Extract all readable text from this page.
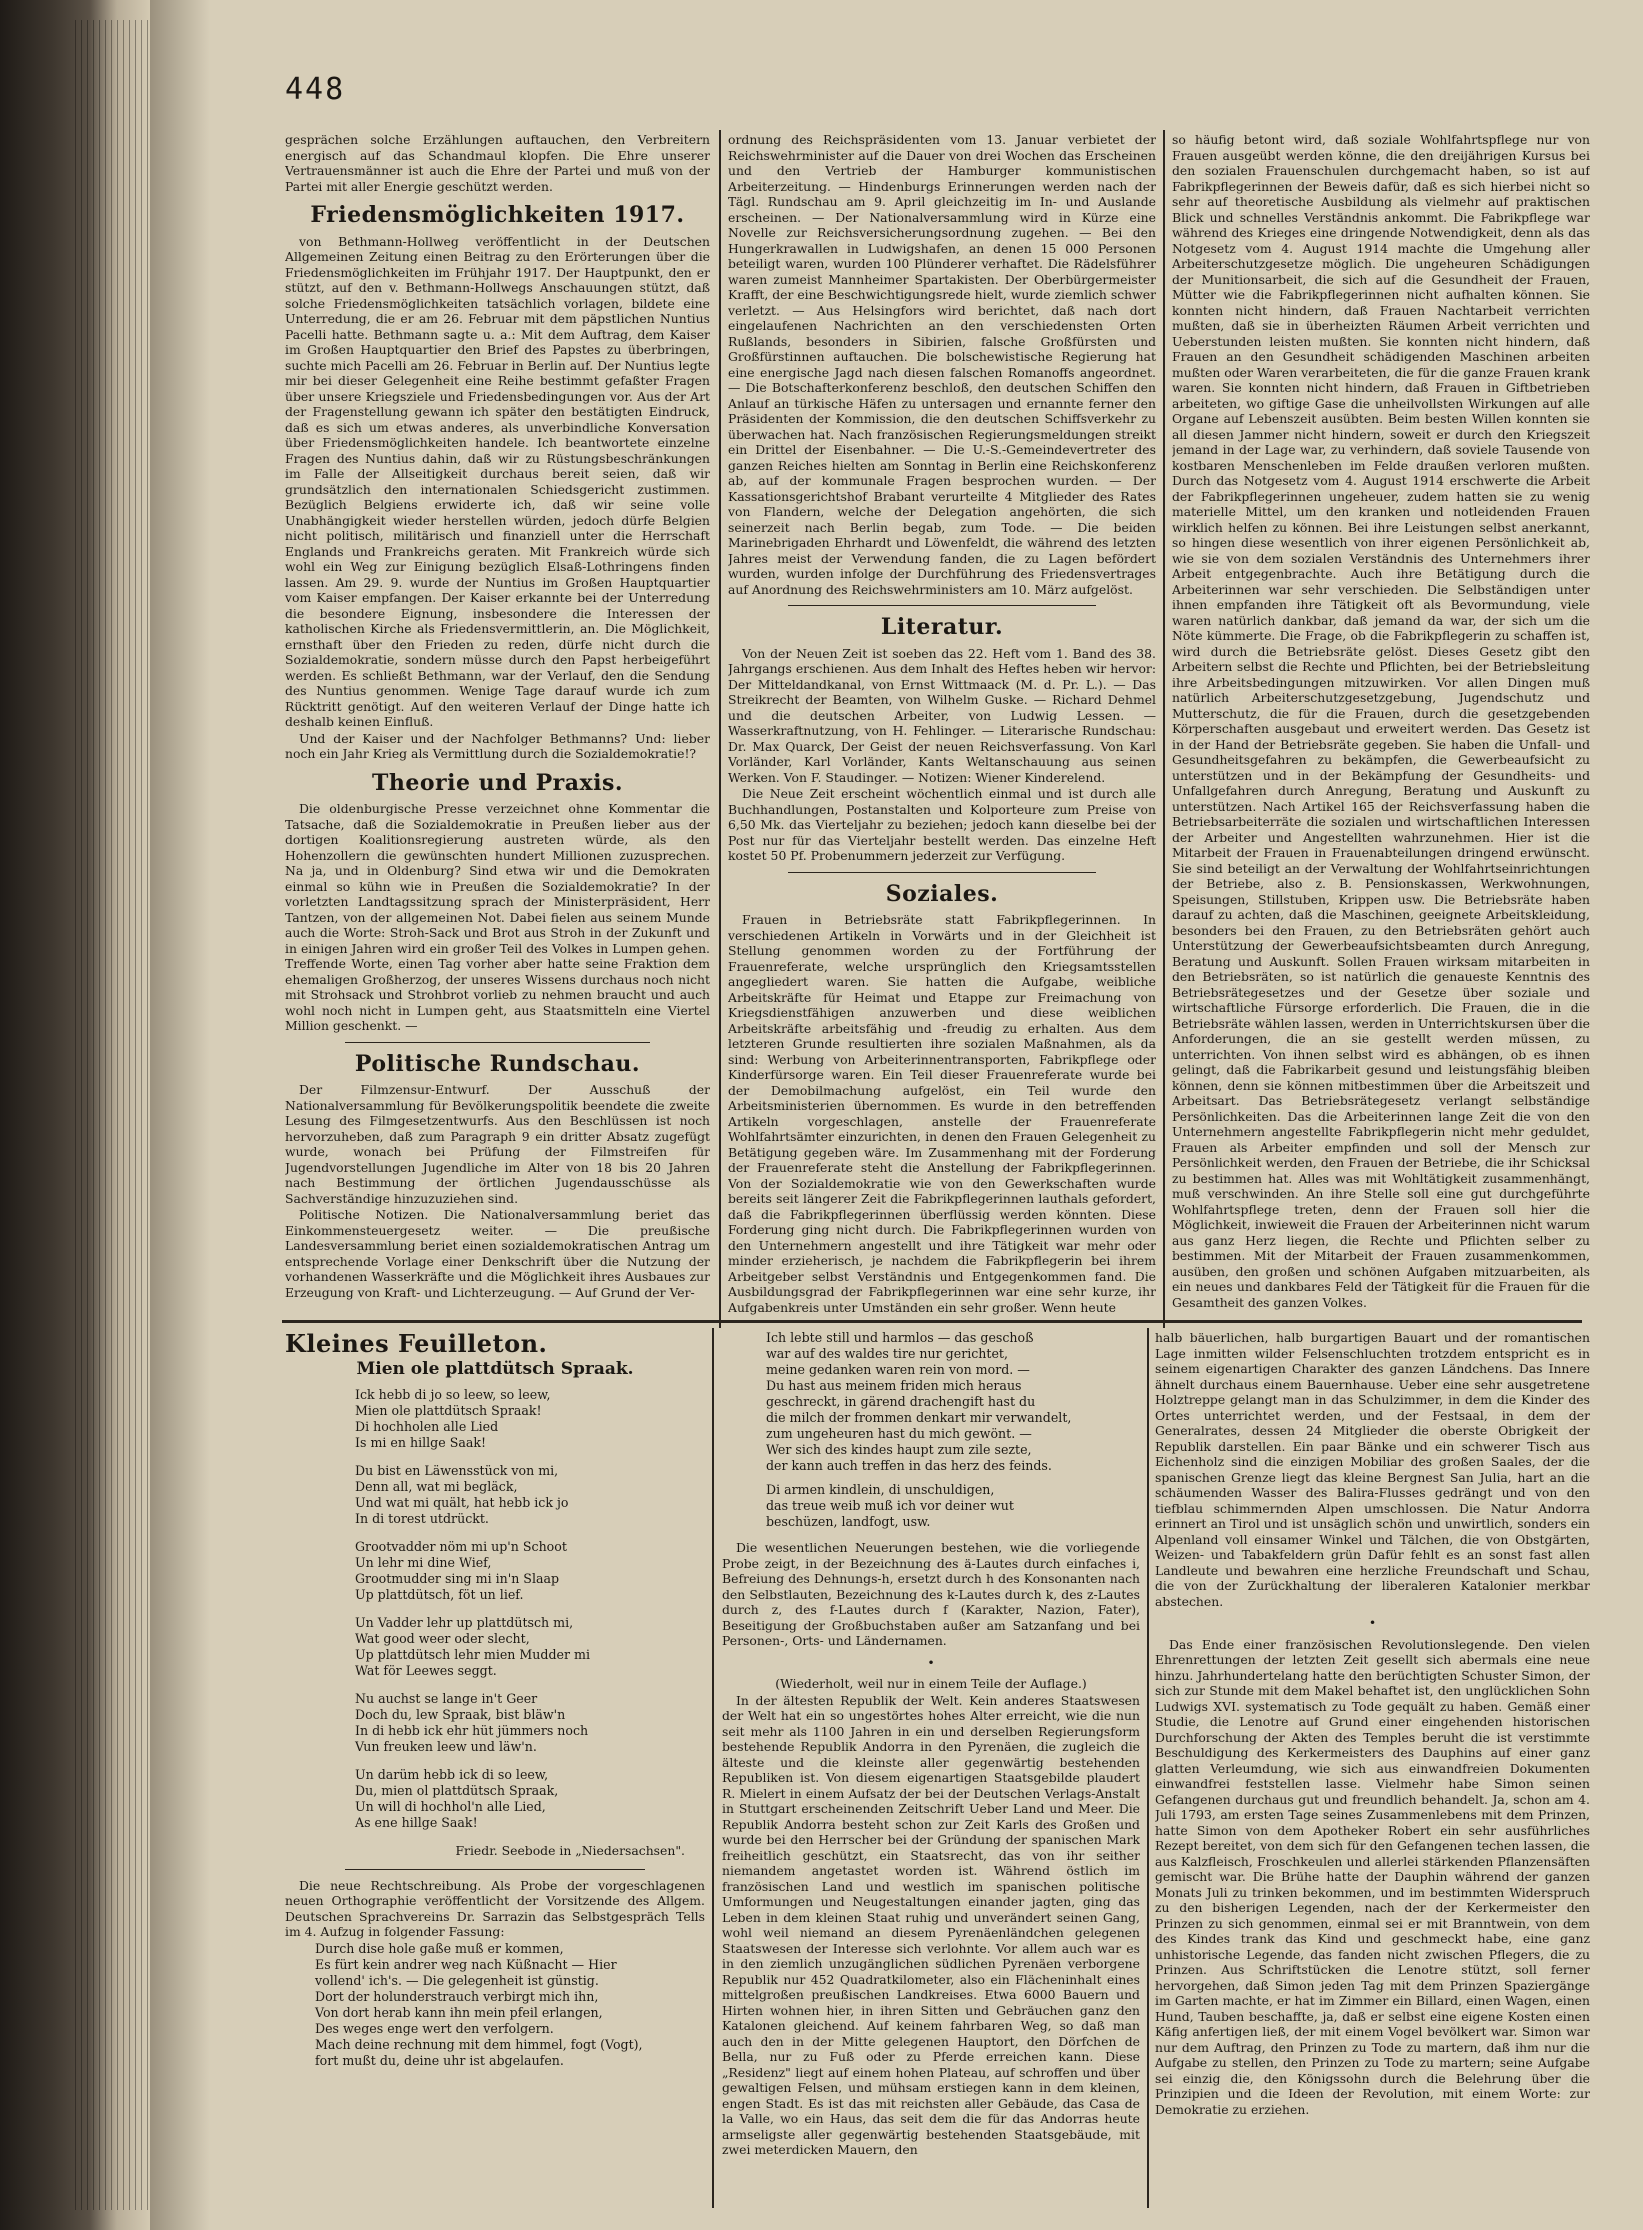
448

gesprächen solche Erzählungen auftauchen, den Verbreitern energisch auf das Schandmaul klopfen. Die Ehre unserer Vertrauensmänner ist auch die Ehre der Partei und muß von der Partei mit aller Energie geschützt werden.

Friedensmöglichkeiten 1917.

von Bethmann-Hollweg veröffentlicht in der Deutschen Allgemeinen Zeitung einen Beitrag zu den Erörterungen über die Friedensmöglichkeiten im Frühjahr 1917. Der Hauptpunkt, den er stützt, auf den v. Bethmann-Hollwegs Anschauungen stützt, daß solche Friedensmöglichkeiten tatsächlich vorlagen, bildete eine Unterredung, die er am 26. Februar mit dem päpstlichen Nuntius Pacelli hatte. Bethmann sagte u. a.: Mit dem Auftrag, dem Kaiser im Großen Hauptquartier den Brief des Papstes zu überbringen, suchte mich Pacelli am 26. Februar in Berlin auf. Der Nuntius legte mir bei dieser Gelegenheit eine Reihe bestimmt gefaßter Fragen über unsere Kriegsziele und Friedensbedingungen vor. Aus der Art der Fragenstellung gewann ich später den bestätigten Eindruck, daß es sich um etwas anderes, als unverbindliche Konversation über Friedensmöglichkeiten handele. Ich beantwortete einzelne Fragen des Nuntius dahin, daß wir zu Rüstungsbeschränkungen im Falle der Allseitigkeit durchaus bereit seien, daß wir grundsätzlich den internationalen Schiedsgericht zustimmen. Bezüglich Belgiens erwiderte ich, daß wir seine volle Unabhängigkeit wieder herstellen würden, jedoch dürfe Belgien nicht politisch, militärisch und finanziell unter die Herrschaft Englands und Frankreichs geraten. Mit Frankreich würde sich wohl ein Weg zur Einigung bezüglich Elsaß-Lothringens finden lassen. Am 29. 9. wurde der Nuntius im Großen Hauptquartier vom Kaiser empfangen. Der Kaiser erkannte bei der Unterredung die besondere Eignung, insbesondere die Interessen der katholischen Kirche als Friedensvermittlerin, an. Die Möglichkeit, ernsthaft über den Frieden zu reden, dürfe nicht durch die Sozialdemokratie, sondern müsse durch den Papst herbeigeführt werden. Es schließt Bethmann, war der Verlauf, den die Sendung des Nuntius genommen. Wenige Tage darauf wurde ich zum Rücktritt genötigt. Auf den weiteren Verlauf der Dinge hatte ich deshalb keinen Einfluß.

Und der Kaiser und der Nachfolger Bethmanns? Und: lieber noch ein Jahr Krieg als Vermittlung durch die Sozialdemokratie!?

Theorie und Praxis.

Die oldenburgische Presse verzeichnet ohne Kommentar die Tatsache, daß die Sozialdemokratie in Preußen lieber aus der dortigen Koalitionsregierung austreten würde, als den Hohenzollern die gewünschten hundert Millionen zuzusprechen. Na ja, und in Oldenburg? Sind etwa wir und die Demokraten einmal so kühn wie in Preußen die Sozialdemokratie? In der vorletzten Landtagssitzung sprach der Ministerpräsident, Herr Tantzen, von der allgemeinen Not. Dabei fielen aus seinem Munde auch die Worte: Stroh-Sack und Brot aus Stroh in der Zukunft und in einigen Jahren wird ein großer Teil des Volkes in Lumpen gehen. Treffende Worte, einen Tag vorher aber hatte seine Fraktion dem ehemaligen Großherzog, der unseres Wissens durchaus noch nicht mit Strohsack und Strohbrot vorlieb zu nehmen braucht und auch wohl noch nicht in Lumpen geht, aus Staatsmitteln eine Viertel Million geschenkt. —

Politische Rundschau.

Der Filmzensur-Entwurf. Der Ausschuß der Nationalversammlung für Bevölkerungspolitik beendete die zweite Lesung des Filmgesetzentwurfs. Aus den Beschlüssen ist noch hervorzuheben, daß zum Paragraph 9 ein dritter Absatz zugefügt wurde, wonach bei Prüfung der Filmstreifen für Jugendvorstellungen Jugendliche im Alter von 18 bis 20 Jahren nach Bestimmung der örtlichen Jugendausschüsse als Sachverständige hinzuzuziehen sind.

Politische Notizen. Die Nationalversammlung beriet das Einkommensteuergesetz weiter. — Die preußische Landesversammlung beriet einen sozialdemokratischen Antrag um entsprechende Vorlage einer Denkschrift über die Nutzung der vorhandenen Wasserkräfte und die Möglichkeit ihres Ausbaues zur Erzeugung von Kraft- und Lichterzeugung. — Auf Grund der Ver-

ordnung des Reichspräsidenten vom 13. Januar verbietet der Reichswehrminister auf die Dauer von drei Wochen das Erscheinen und den Vertrieb der Hamburger kommunistischen Arbeiterzeitung. — Hindenburgs Erinnerungen werden nach der Tägl. Rundschau am 9. April gleichzeitig im In- und Auslande erscheinen. — Der Nationalversammlung wird in Kürze eine Novelle zur Reichsversicherungsordnung zugehen. — Bei den Hungerkrawallen in Ludwigshafen, an denen 15 000 Personen beteiligt waren, wurden 100 Plünderer verhaftet. Die Rädelsführer waren zumeist Mannheimer Spartakisten. Der Oberbürgermeister Krafft, der eine Beschwichtigungsrede hielt, wurde ziemlich schwer verletzt. — Aus Helsingfors wird berichtet, daß nach dort eingelaufenen Nachrichten an den verschiedensten Orten Rußlands, besonders in Sibirien, falsche Großfürsten und Großfürstinnen auftauchen. Die bolschewistische Regierung hat eine energische Jagd nach diesen falschen Romanoffs angeordnet. — Die Botschafterkonferenz beschloß, den deutschen Schiffen den Anlauf an türkische Häfen zu untersagen und ernannte ferner den Präsidenten der Kommission, die den deutschen Schiffsverkehr zu überwachen hat. Nach französischen Regierungsmeldungen streikt ein Drittel der Eisenbahner. — Die U.-S.-Gemeindevertreter des ganzen Reiches hielten am Sonntag in Berlin eine Reichskonferenz ab, auf der kommunale Fragen besprochen wurden. — Der Kassationsgerichtshof Brabant verurteilte 4 Mitglieder des Rates von Flandern, welche der Delegation angehörten, die sich seinerzeit nach Berlin begab, zum Tode. — Die beiden Marinebrigaden Ehrhardt und Löwenfeldt, die während des letzten Jahres meist der Verwendung fanden, die zu Lagen befördert wurden, wurden infolge der Durchführung des Friedensvertrages auf Anordnung des Reichswehrministers am 10. März aufgelöst.

Literatur.

Von der Neuen Zeit ist soeben das 22. Heft vom 1. Band des 38. Jahrgangs erschienen. Aus dem Inhalt des Heftes heben wir hervor: Der Mitteldandkanal, von Ernst Wittmaack (M. d. Pr. L.). — Das Streikrecht der Beamten, von Wilhelm Guske. — Richard Dehmel und die deutschen Arbeiter, von Ludwig Lessen. — Wasserkraftnutzung, von H. Fehlinger. — Literarische Rundschau: Dr. Max Quarck, Der Geist der neuen Reichsverfassung. Von Karl Vorländer, Karl Vorländer, Kants Weltanschauung aus seinen Werken. Von F. Staudinger. — Notizen: Wiener Kinderelend.

Die Neue Zeit erscheint wöchentlich einmal und ist durch alle Buchhandlungen, Postanstalten und Kolporteure zum Preise von 6,50 Mk. das Vierteljahr zu beziehen; jedoch kann dieselbe bei der Post nur für das Vierteljahr bestellt werden. Das einzelne Heft kostet 50 Pf. Probenummern jederzeit zur Verfügung.

Soziales.

Frauen in Betriebsräte statt Fabrikpflegerinnen. In verschiedenen Artikeln in Vorwärts und in der Gleichheit ist Stellung genommen worden zu der Fortführung der Frauenreferate, welche ursprünglich den Kriegsamtsstellen angegliedert waren. Sie hatten die Aufgabe, weibliche Arbeitskräfte für Heimat und Etappe zur Freimachung von Kriegsdienstfähigen anzuwerben und diese weiblichen Arbeitskräfte arbeitsfähig und -freudig zu erhalten. Aus dem letzteren Grunde resultierten ihre sozialen Maßnahmen, als da sind: Werbung von Arbeiterinnentransporten, Fabrikpflege oder Kinderfürsorge waren. Ein Teil dieser Frauenreferate wurde bei der Demobilmachung aufgelöst, ein Teil wurde den Arbeitsministerien übernommen. Es wurde in den betreffenden Artikeln vorgeschlagen, anstelle der Frauenreferate Wohlfahrtsämter einzurichten, in denen den Frauen Gelegenheit zu Betätigung gegeben wäre. Im Zusammenhang mit der Forderung der Frauenreferate steht die Anstellung der Fabrikpflegerinnen. Von der Sozialdemokratie wie von den Gewerkschaften wurde bereits seit längerer Zeit die Fabrikpflegerinnen lauthals gefordert, daß die Fabrikpflegerinnen überflüssig werden könnten. Diese Forderung ging nicht durch. Die Fabrikpflegerinnen wurden von den Unternehmern angestellt und ihre Tätigkeit war mehr oder minder erzieherisch, je nachdem die Fabrikpflegerin bei ihrem Arbeitgeber selbst Verständnis und Entgegenkommen fand. Die Ausbildungsgrad der Fabrikpflegerinnen war eine sehr kurze, ihr Aufgabenkreis unter Umständen ein sehr großer. Wenn heute

so häufig betont wird, daß soziale Wohlfahrtspflege nur von Frauen ausgeübt werden könne, die den dreijährigen Kursus bei den sozialen Frauenschulen durchgemacht haben, so ist auf Fabrikpflegerinnen der Beweis dafür, daß es sich hierbei nicht so sehr auf theoretische Ausbildung als vielmehr auf praktischen Blick und schnelles Verständnis ankommt. Die Fabrikpflege war während des Krieges eine dringende Notwendigkeit, denn als das Notgesetz vom 4. August 1914 machte die Umgehung aller Arbeiterschutzgesetze möglich. Die ungeheuren Schädigungen der Munitionsarbeit, die sich auf die Gesundheit der Frauen, Mütter wie die Fabrikpflegerinnen nicht aufhalten können. Sie konnten nicht hindern, daß Frauen Nachtarbeit verrichten mußten, daß sie in überheizten Räumen Arbeit verrichten und Ueberstunden leisten mußten. Sie konnten nicht hindern, daß Frauen an den Gesundheit schädigenden Maschinen arbeiten mußten oder Waren verarbeiteten, die für die ganze Frauen krank waren. Sie konnten nicht hindern, daß Frauen in Giftbetrieben arbeiteten, wo giftige Gase die unheilvollsten Wirkungen auf alle Organe auf Lebenszeit ausübten. Beim besten Willen konnten sie all diesen Jammer nicht hindern, soweit er durch den Kriegszeit jemand in der Lage war, zu verhindern, daß soviele Tausende von kostbaren Menschenleben im Felde draußen verloren mußten. Durch das Notgesetz vom 4. August 1914 erschwerte die Arbeit der Fabrikpflegerinnen ungeheuer, zudem hatten sie zu wenig materielle Mittel, um den kranken und notleidenden Frauen wirklich helfen zu können. Bei ihre Leistungen selbst anerkannt, so hingen diese wesentlich von ihrer eigenen Persönlichkeit ab, wie sie von dem sozialen Verständnis des Unternehmers ihrer Arbeit entgegenbrachte. Auch ihre Betätigung durch die Arbeiterinnen war sehr verschieden. Die Selbständigen unter ihnen empfanden ihre Tätigkeit oft als Bevormundung, viele waren natürlich dankbar, daß jemand da war, der sich um die Nöte kümmerte. Die Frage, ob die Fabrikpflegerin zu schaffen ist, wird durch die Betriebsräte gelöst. Dieses Gesetz gibt den Arbeitern selbst die Rechte und Pflichten, bei der Betriebsleitung ihre Arbeitsbedingungen mitzuwirken. Vor allen Dingen muß natürlich Arbeiterschutzgesetzgebung, Jugendschutz und Mutterschutz, die für die Frauen, durch die gesetzgebenden Körperschaften ausgebaut und erweitert werden. Das Gesetz ist in der Hand der Betriebsräte gegeben. Sie haben die Unfall- und Gesundheitsgefahren zu bekämpfen, die Gewerbeaufsicht zu unterstützen und in der Bekämpfung der Gesundheits- und Unfallgefahren durch Anregung, Beratung und Auskunft zu unterstützen. Nach Artikel 165 der Reichsverfassung haben die Betriebsarbeiterräte die sozialen und wirtschaftlichen Interessen der Arbeiter und Angestellten wahrzunehmen. Hier ist die Mitarbeit der Frauen in Frauenabteilungen dringend erwünscht. Sie sind beteiligt an der Verwaltung der Wohlfahrtseinrichtungen der Betriebe, also z. B. Pensionskassen, Werkwohnungen, Speisungen, Stillstuben, Krippen usw. Die Betriebsräte haben darauf zu achten, daß die Maschinen, geeignete Arbeitskleidung, besonders bei den Frauen, zu den Betriebsräten gehört auch Unterstützung der Gewerbeaufsichtsbeamten durch Anregung, Beratung und Auskunft. Sollen Frauen wirksam mitarbeiten in den Betriebsräten, so ist natürlich die genaueste Kenntnis des Betriebsrätegesetzes und der Gesetze über soziale und wirtschaftliche Fürsorge erforderlich. Die Frauen, die in die Betriebsräte wählen lassen, werden in Unterrichtskursen über die Anforderungen, die an sie gestellt werden müssen, zu unterrichten. Von ihnen selbst wird es abhängen, ob es ihnen gelingt, daß die Fabrikarbeit gesund und leistungsfähig bleiben können, denn sie können mitbestimmen über die Arbeitszeit und Arbeitsart. Das Betriebsrätegesetz verlangt selbständige Persönlichkeiten. Das die Arbeiterinnen lange Zeit die von den Unternehmern angestellte Fabrikpflegerin nicht mehr geduldet, Frauen als Arbeiter empfinden und soll der Mensch zur Persönlichkeit werden, den Frauen der Betriebe, die ihr Schicksal zu bestimmen hat. Alles was mit Wohltätigkeit zusammenhängt, muß verschwinden. An ihre Stelle soll eine gut durchgeführte Wohlfahrtspflege treten, denn der Frauen soll hier die Möglichkeit, inwieweit die Frauen der Arbeiterinnen nicht warum aus ganz Herz liegen, die Rechte und Pflichten selber zu bestimmen. Mit der Mitarbeit der Frauen zusammenkommen, ausüben, den großen und schönen Aufgaben mitzuarbeiten, als ein neues und dankbares Feld der Tätigkeit für die Frauen für die Gesamtheit des ganzen Volkes.

Kleines Feuilleton.
Mien ole plattdütsch Spraak.
Ick hebb di jo so leew, so leew,
Mien ole plattdütsch Spraak!
Di hochholen alle Lied
Is mi en hillge Saak!
Du bist en Läwensstück von mi,
Denn all, wat mi begläck,
Und wat mi quält, hat hebb ick jo
In di torest utdrückt.
Grootvadder nöm mi up'n Schoot
Un lehr mi dine Wief,
Grootmudder sing mi in'n Slaap
Up plattdütsch, föt un lief.
Un Vadder lehr up plattdütsch mi,
Wat good weer oder slecht,
Up plattdütsch lehr mien Mudder mi
Wat för Leewes seggt.
Nu auchst se lange in't Geer
Doch du, lew Spraak, bist bläw'n
In di hebb ick ehr hüt jümmers noch
Vun freuken leew und läw'n.
Un darüm hebb ick di so leew,
Du, mien ol plattdütsch Spraak,
Un will di hochhol'n alle Lied,
As ene hillge Saak!
Friedr. Seebode in „Niedersachsen".

Die neue Rechtschreibung. Als Probe der vorgeschlagenen neuen Orthographie veröffentlicht der Vorsitzende des Allgem. Deutschen Sprachvereins Dr. Sarrazin das Selbstgespräch Tells im 4. Aufzug in folgender Fassung:

Durch dise hole gaße muß er kommen,
Es fürt kein andrer weg nach Küßnacht — Hier
vollend' ich's. — Die gelegenheit ist günstig.
Dort der holunderstrauch verbirgt mich ihn,
Von dort herab kann ihn mein pfeil erlangen,
Des weges enge wert den verfolgern.
Mach deine rechnung mit dem himmel, fogt (Vogt),
fort mußt du, deine uhr ist abgelaufen.
Ich lebte still und harmlos — das geschoß
war auf des waldes tire nur gerichtet,
meine gedanken waren rein von mord. —
Du hast aus meinem friden mich heraus
geschreckt, in gärend drachengift hast du
die milch der frommen denkart mir verwandelt,
zum ungeheuren hast du mich gewönt. —
Wer sich des kindes haupt zum zile sezte,
der kann auch treffen in das herz des feinds.
Di armen kindlein, di unschuldigen,
das treue weib muß ich vor deiner wut
beschüzen, landfogt, usw.

Die wesentlichen Neuerungen bestehen, wie die vorliegende Probe zeigt, in der Bezeichnung des ä-Lautes durch einfaches i, Befreiung des Dehnungs-h, ersetzt durch h des Konsonanten nach den Selbstlauten, Bezeichnung des k-Lautes durch k, des z-Lautes durch z, des f-Lautes durch f (Karakter, Nazion, Fater), Beseitigung der Großbuchstaben außer am Satzanfang und bei Personen-, Orts- und Ländernamen.

•

(Wiederholt, weil nur in einem Teile der Auflage.)

In der ältesten Republik der Welt. Kein anderes Staatswesen der Welt hat ein so ungestörtes hohes Alter erreicht, wie die nun seit mehr als 1100 Jahren in ein und derselben Regierungsform bestehende Republik Andorra in den Pyrenäen, die zugleich die älteste und die kleinste aller gegenwärtig bestehenden Republiken ist. Von diesem eigenartigen Staatsgebilde plaudert R. Mielert in einem Aufsatz der bei der Deutschen Verlags-Anstalt in Stuttgart erscheinenden Zeitschrift Ueber Land und Meer. Die Republik Andorra besteht schon zur Zeit Karls des Großen und wurde bei den Herrscher bei der Gründung der spanischen Mark freiheitlich geschützt, ein Staatsrecht, das von ihr seither niemandem angetastet worden ist. Während östlich im französischen Land und westlich im spanischen politische Umformungen und Neugestaltungen einander jagten, ging das Leben in dem kleinen Staat ruhig und unverändert seinen Gang, wohl weil niemand an diesem Pyrenäenländchen gelegenen Staatswesen der Interesse sich verlohnte. Vor allem auch war es in den ziemlich unzugänglichen südlichen Pyrenäen verborgene Republik nur 452 Quadratkilometer, also ein Flächeninhalt eines mittelgroßen preußischen Landkreises. Etwa 6000 Bauern und Hirten wohnen hier, in ihren Sitten und Gebräuchen ganz den Katalonen gleichend. Auf keinem fahrbaren Weg, so daß man auch den in der Mitte gelegenen Hauptort, den Dörfchen de Bella, nur zu Fuß oder zu Pferde erreichen kann. Diese „Residenz" liegt auf einem hohen Plateau, auf schroffen und über gewaltigen Felsen, und mühsam erstiegen kann in dem kleinen, engen Stadt. Es ist das mit reichsten aller Gebäude, das Casa de la Valle, wo ein Haus, das seit dem die für das Andorras heute armseligste aller gegenwärtig bestehenden Staatsgebäude, mit zwei meterdicken Mauern, den

halb bäuerlichen, halb burgartigen Bauart und der romantischen Lage inmitten wilder Felsenschluchten trotzdem entspricht es in seinem eigenartigen Charakter des ganzen Ländchens. Das Innere ähnelt durchaus einem Bauernhause. Ueber eine sehr ausgetretene Holztreppe gelangt man in das Schulzimmer, in dem die Kinder des Ortes unterrichtet werden, und der Festsaal, in dem der Generalrates, dessen 24 Mitglieder die oberste Obrigkeit der Republik darstellen. Ein paar Bänke und ein schwerer Tisch aus Eichenholz sind die einzigen Mobiliar des großen Saales, der die spanischen Grenze liegt das kleine Bergnest San Julia, hart an die schäumenden Wasser des Balira-Flusses gedrängt und von den tiefblau schimmernden Alpen umschlossen. Die Natur Andorra erinnert an Tirol und ist unsäglich schön und unwirtlich, sonders ein Alpenland voll einsamer Winkel und Tälchen, die von Obstgärten, Weizen- und Tabakfeldern grün Dafür fehlt es an sonst fast allen Landleute und bewahren eine herzliche Freundschaft und Schau, die von der Zurückhaltung der liberaleren Katalonier merkbar abstechen.

•

Das Ende einer französischen Revolutionslegende. Den vielen Ehrenrettungen der letzten Zeit gesellt sich abermals eine neue hinzu. Jahrhundertelang hatte den berüchtigten Schuster Simon, der sich zur Stunde mit dem Makel behaftet ist, den unglücklichen Sohn Ludwigs XVI. systematisch zu Tode gequält zu haben. Gemäß einer Studie, die Lenotre auf Grund einer eingehenden historischen Durchforschung der Akten des Temples beruht die ist verstimmte Beschuldigung des Kerkermeisters des Dauphins auf einer ganz glatten Verleumdung, wie sich aus einwandfreien Dokumenten einwandfrei feststellen lasse. Vielmehr habe Simon seinen Gefangenen durchaus gut und freundlich behandelt. Ja, schon am 4. Juli 1793, am ersten Tage seines Zusammenlebens mit dem Prinzen, hatte Simon von dem Apotheker Robert ein sehr ausführliches Rezept bereitet, von dem sich für den Gefangenen techen lassen, die aus Kalzfleisch, Froschkeulen und allerlei stärkenden Pflanzensäften gemischt war. Die Brühe hatte der Dauphin während der ganzen Monats Juli zu trinken bekommen, und im bestimmten Widerspruch zu den bisherigen Legenden, nach der der Kerkermeister den Prinzen zu sich genommen, einmal sei er mit Branntwein, von dem des Kindes trank das Kind und geschmeckt habe, eine ganz unhistorische Legende, das fanden nicht zwischen Pflegers, die zu Prinzen. Aus Schriftstücken die Lenotre stützt, soll ferner hervorgehen, daß Simon jeden Tag mit dem Prinzen Spaziergänge im Garten machte, er hat im Zimmer ein Billard, einen Wagen, einen Hund, Tauben beschaffte, ja, daß er selbst eine eigene Kosten einen Käfig anfertigen ließ, der mit einem Vogel bevölkert war. Simon war nur dem Auftrag, den Prinzen zu Tode zu martern, daß ihm nur die Aufgabe zu stellen, den Prinzen zu Tode zu martern; seine Aufgabe sei einzig die, den Königssohn durch die Belehrung über die Prinzipien und die Ideen der Revolution, mit einem Worte: zur Demokratie zu erziehen.
